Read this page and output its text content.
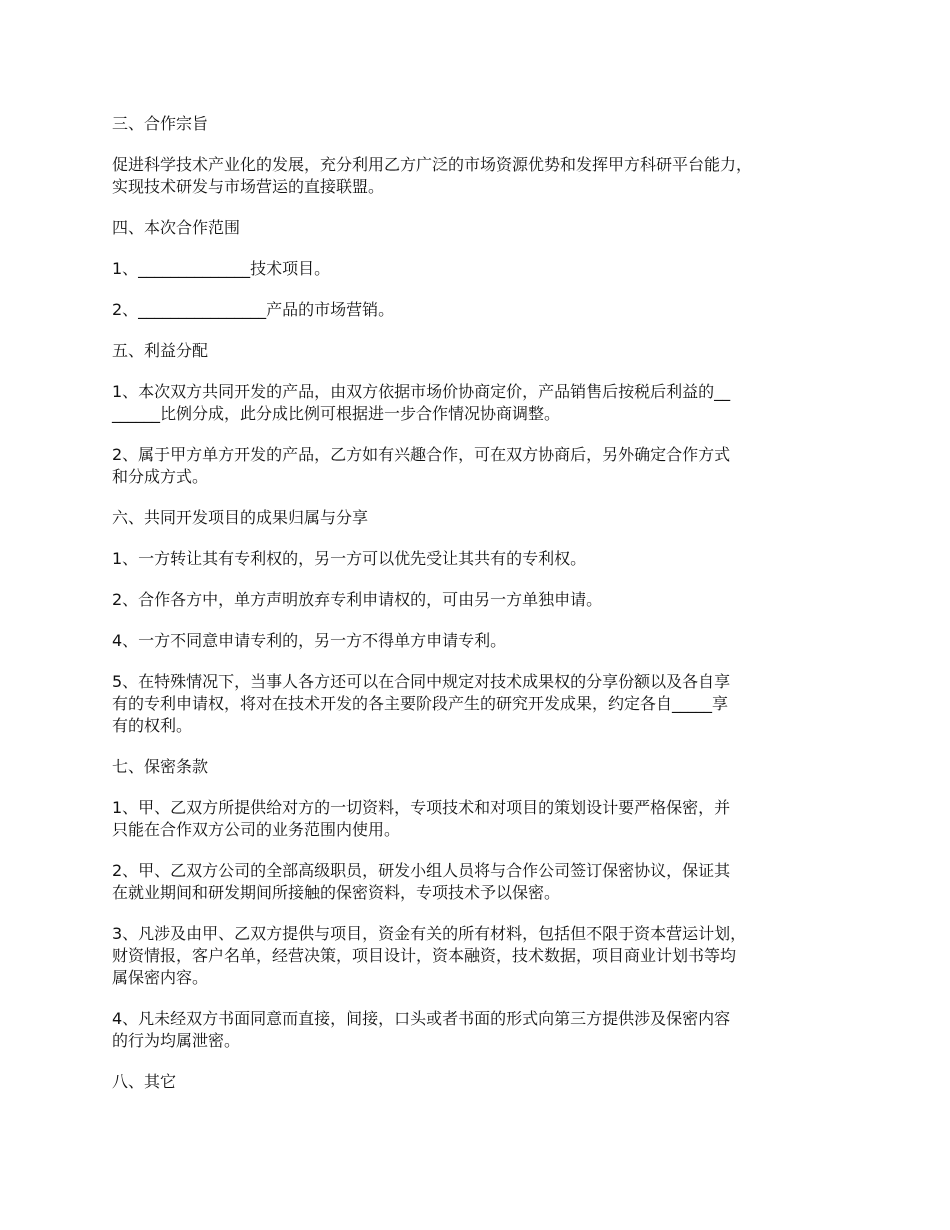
三、合作宗旨

促进科学技术产业化的发展，充分利用乙方广泛的市场资源优势和发挥甲方科研平台能力，
实现技术研发与市场营运的直接联盟。

四、本次合作范围

1、______________技术项目。

2、________________产品的市场营销。

五、利益分配

1、本次双方共同开发的产品，由双方依据市场价协商定价，产品销售后按税后利益的__
______比例分成，此分成比例可根据进一步合作情况协商调整。

2、属于甲方单方开发的产品，乙方如有兴趣合作，可在双方协商后，另外确定合作方式
和分成方式。

六、共同开发项目的成果归属与分享

1、一方转让其有专利权的，另一方可以优先受让其共有的专利权。

2、合作各方中，单方声明放弃专利申请权的，可由另一方单独申请。

4、一方不同意申请专利的，另一方不得单方申请专利。

5、在特殊情况下，当事人各方还可以在合同中规定对技术成果权的分享份额以及各自享
有的专利申请权，将对在技术开发的各主要阶段产生的研究开发成果，约定各自_____享
有的权利。

七、保密条款

1、甲、乙双方所提供给对方的一切资料，专项技术和对项目的策划设计要严格保密，并
只能在合作双方公司的业务范围内使用。

2、甲、乙双方公司的全部高级职员，研发小组人员将与合作公司签订保密协议，保证其
在就业期间和研发期间所接触的保密资料，专项技术予以保密。

3、凡涉及由甲、乙双方提供与项目，资金有关的所有材料，包括但不限于资本营运计划，
财资情报，客户名单，经营决策，项目设计，资本融资，技术数据，项目商业计划书等均
属保密内容。

4、凡未经双方书面同意而直接，间接，口头或者书面的形式向第三方提供涉及保密内容
的行为均属泄密。

八、其它
